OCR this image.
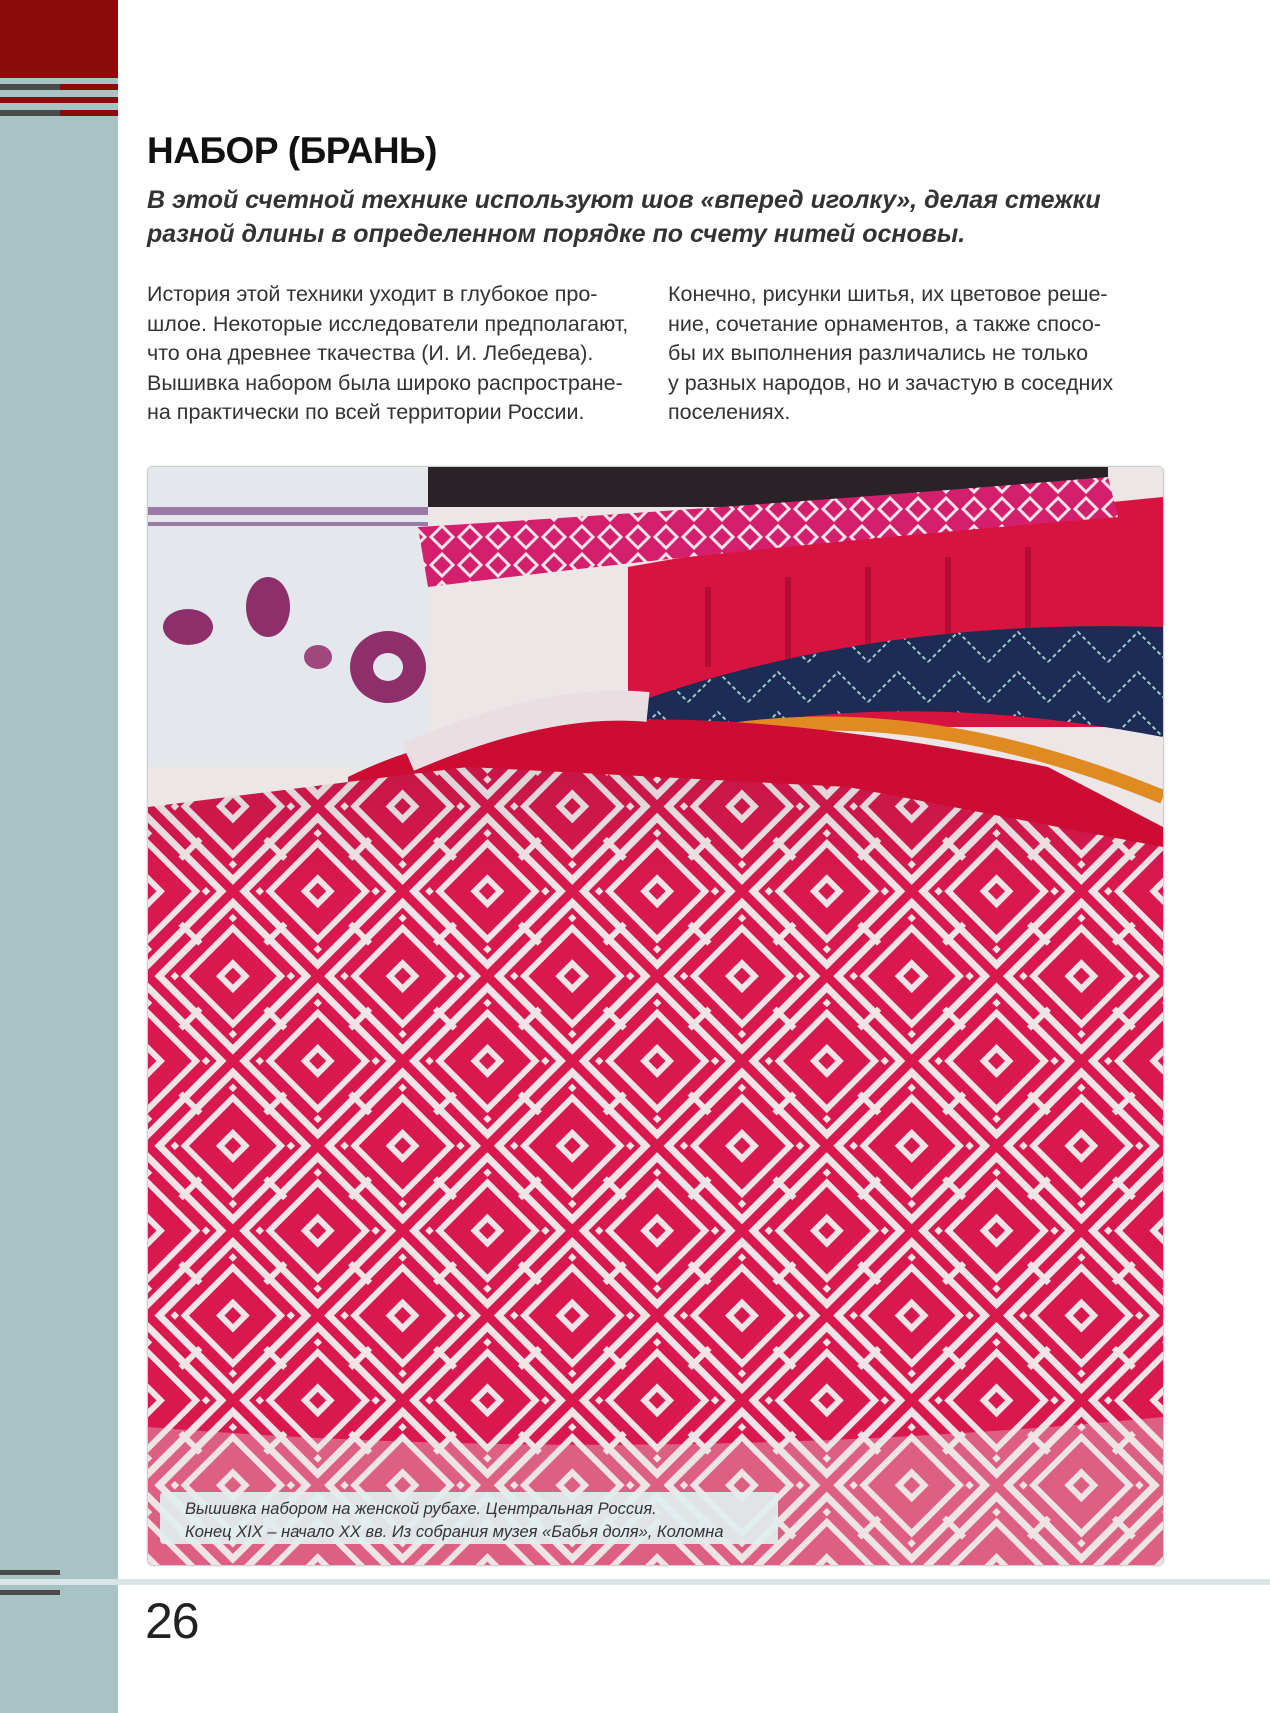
НАБОР (БРАНЬ)

В этой счетной технике используют шов «вперед иголку», делая стежки
разной длины в определенном порядке по счету нитей основы.

История этой техники уходит в глубокое про-
шлое. Некоторые исследователи предполагают,
что она древнее ткачества (И. И. Лебедева).
Вышивка набором была широко распростране-
на практически по всей территории России.

Конечно, рисунки шитья, их цветовое реше-
ние, сочетание орнаментов, а также спосо-
бы их выполнения различались не только
у разных народов, но и зачастую в соседних
поселениях.

Вышивка набором на женской рубахе. Центральная Россия.
Конец XIX – начало XX вв. Из собрания музея «Бабья доля», Коломна
26
